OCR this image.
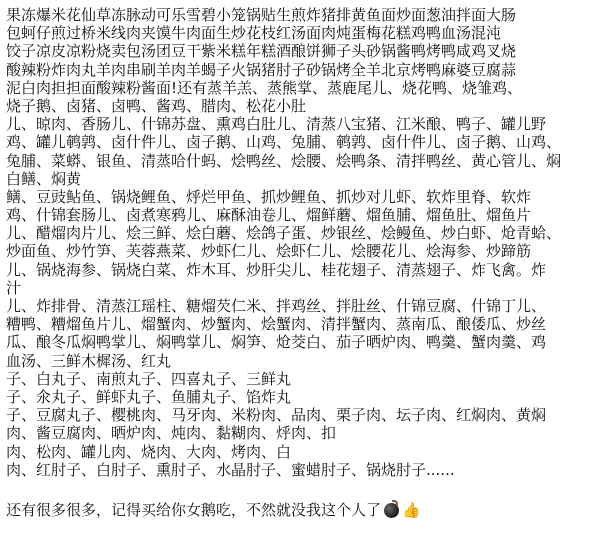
果冻爆米花仙草冻脉动可乐雪碧小笼锅贴生煎炸猪排黄鱼面炒面葱油拌面大肠
包蚵仔煎过桥米线肉夹馍牛肉面生炒花枝红汤面肉炖蛋梅花糕鸡鸭血汤混沌
饺子凉皮凉粉烧卖包汤团豆干紫米糕年糕酒酿饼狮子头砂锅酱鸭烤鸭咸鸡叉烧
酸辣粉炸肉丸羊肉串刷羊肉羊蝎子火锅猪肘子砂锅烤全羊北京烤鸭麻婆豆腐蒜
泥白肉担担面酸辣粉酱面!还有蒸羊羔、蒸熊掌、蒸鹿尾儿、烧花鸭、烧雏鸡、
烧子鹅、卤猪、卤鸭、酱鸡、腊肉、松花小肚
儿、晾肉、香肠儿、什锦苏盘、熏鸡白肚儿、清蒸八宝猪、江米酿、鸭子、罐儿野
鸡、罐儿鹌鹑、卤什件儿、卤子鹅、山鸡、兔脯、鹌鹑、卤什件儿、卤子鹅、山鸡、
兔脯、菜蟒、银鱼、清蒸哈什蚂、烩鸭丝、烩腰、烩鸭条、清拌鸭丝、黄心管儿、焖
白鳝、焖黄
鳝、豆豉鲇鱼、锅烧鲤鱼、烀烂甲鱼、抓炒鲤鱼、抓炒对儿虾、软炸里脊、软炸
鸡、什锦套肠儿、卤煮寒鸦儿、麻酥油卷儿、熘鲜蘑、熘鱼脯、熘鱼肚、熘鱼片
儿、醋熘肉片儿、烩三鲜、烩白蘑、烩鸽子蛋、炒银丝、烩鳗鱼、炒白虾、炝青蛤、
炒面鱼、炒竹笋、芙蓉燕菜、炒虾仁儿、烩虾仁儿、烩腰花儿、烩海参、炒蹄筋
儿、锅烧海参、锅烧白菜、炸木耳、炒肝尖儿、桂花翅子、清蒸翅子、炸飞禽。炸
汁
儿、炸排骨、清蒸江瑶柱、糖熘芡仁米、拌鸡丝、拌肚丝、什锦豆腐、什锦丁儿、
糟鸭、糟熘鱼片儿、熘蟹肉、炒蟹肉、烩蟹肉、清拌蟹肉、蒸南瓜、酿倭瓜、炒丝
瓜、酿冬瓜焖鸭掌儿、焖鸭掌儿、焖笋、炝茭白、茄子晒炉肉、鸭羹、蟹肉羹、鸡
血汤、三鲜木樨汤、红丸
子、白丸子、南煎丸子、四喜丸子、三鲜丸
子、氽丸子、鲜虾丸子、鱼脯丸子、馅炸丸
子、豆腐丸子、樱桃肉、马牙肉、米粉肉、品肉、栗子肉、坛子肉、红焖肉、黄焖
肉、酱豆腐肉、晒炉肉、炖肉、黏糊肉、烀肉、扣
肉、松肉、罐儿肉、烧肉、大肉、烤肉、白
肉、红肘子、白肘子、熏肘子、水晶肘子、蜜蜡肘子、锅烧肘子......
还有很多很多，记得买给你女鹅吃，不然就没我这个人了 👍
